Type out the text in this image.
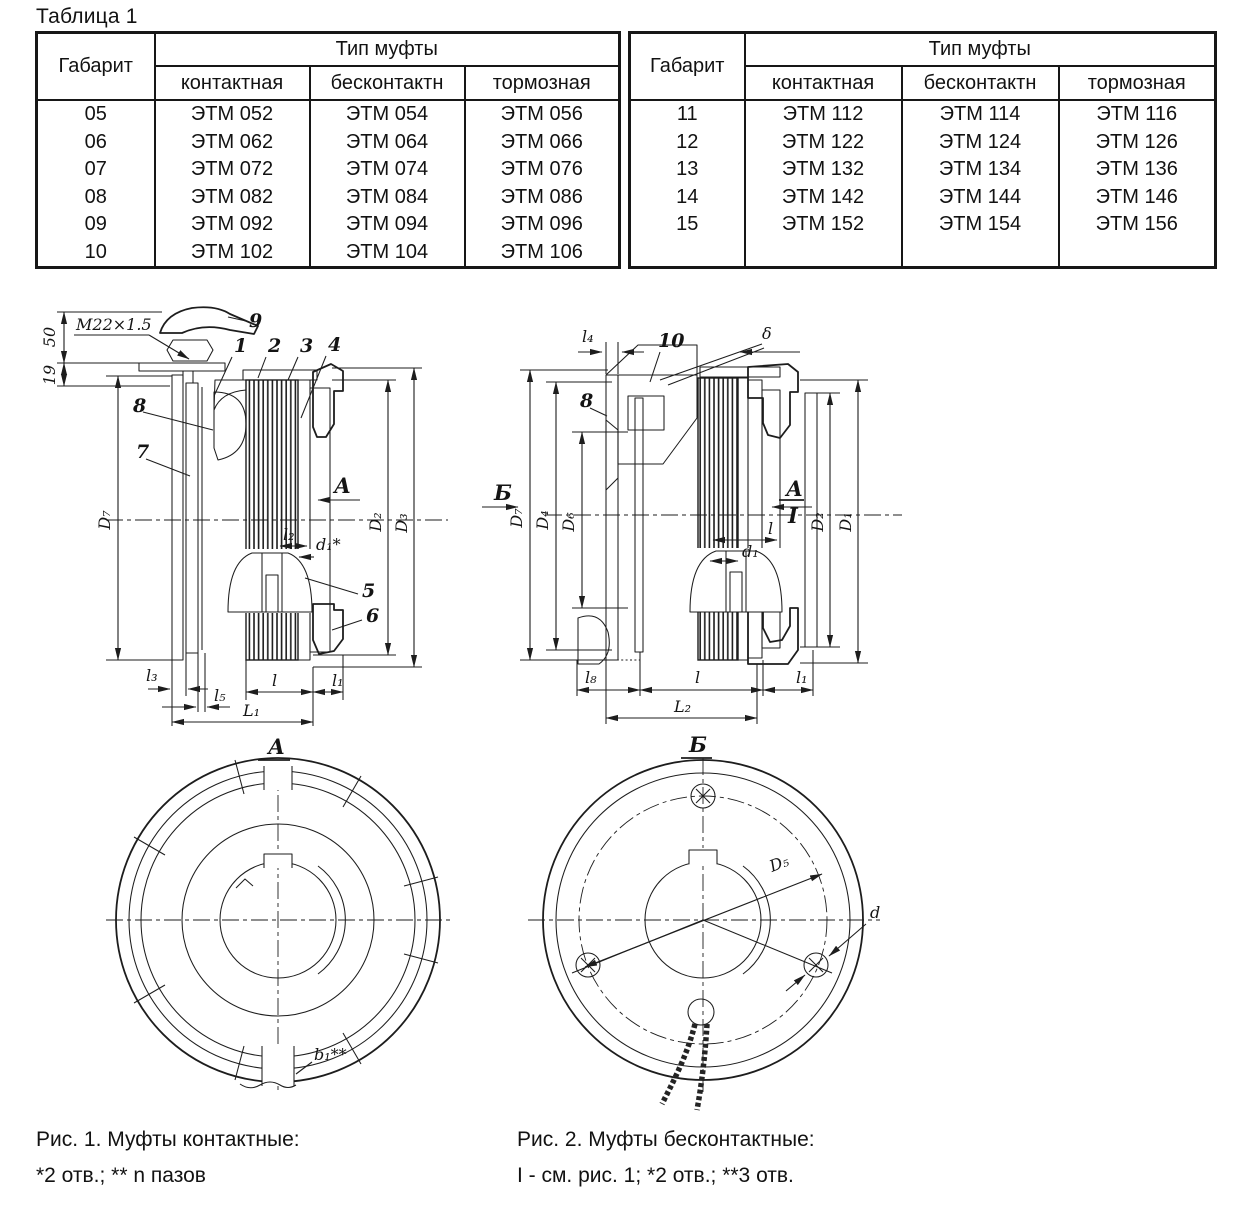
Таблица 1
Габарит	Тип муфты		
	контактная	бесконтактн	тормозная
05	ЭТМ 052	ЭТМ 054	ЭТМ 056
06	ЭТМ 062	ЭТМ 064	ЭТМ 066
07	ЭТМ 072	ЭТМ 074	ЭТМ 076
08	ЭТМ 082	ЭТМ 084	ЭТМ 086
09	ЭТМ 092	ЭТМ 094	ЭТМ 096
10	ЭТМ 102	ЭТМ 104	ЭТМ 106
Габарит	Тип муфты		
	контактная	бесконтактн	тормозная
11	ЭТМ 112	ЭТМ 114	ЭТМ 116
12	ЭТМ 122	ЭТМ 124	ЭТМ 126
13	ЭТМ 132	ЭТМ 134	ЭТМ 136
14	ЭТМ 142	ЭТМ 144	ЭТМ 146
15	ЭТМ 152	ЭТМ 154	ЭТМ 156

М22×1.5
50
19
l₂
d₁*
1 2 3 4
9
8
7
5
6
D₂ D₃
D₇
А
l₃
l₅
l	l₁
L₁
Б
l₄	10	δ
8
l
d₁
А
I
D₇ D₄ D₆	D₂ D₁
l₈	l	l₁
L₂
b₁**
А
D₅
d
Б
Рис. 1. Муфты контактные:
*2 отв.; ** n пазов
Рис. 2. Муфты бесконтактные:
I - см. рис. 1; *2 отв.; **3 отв.
